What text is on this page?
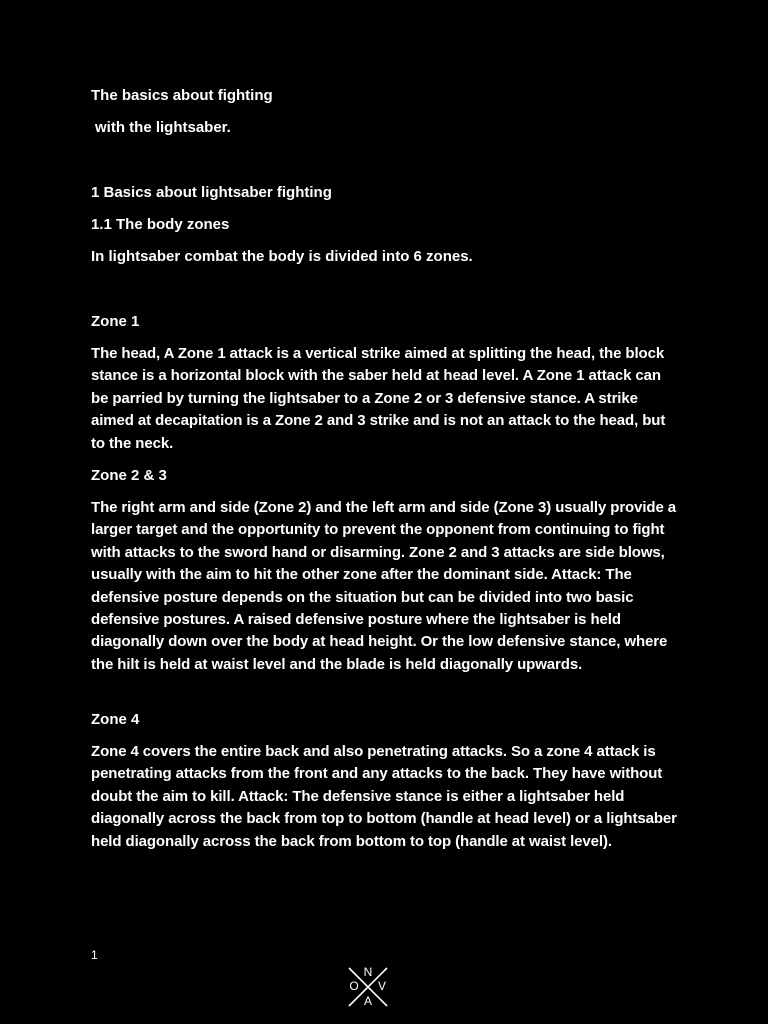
The basics about fighting

with the lightsaber.

1 Basics about lightsaber fighting

1.1 The body zones

In lightsaber combat the body is divided into 6 zones.

Zone 1

The head, A Zone 1 attack is a vertical strike aimed at splitting the head, the block stance is a horizontal block with the saber held at head level. A Zone 1 attack can be parried by turning the lightsaber to a Zone 2 or 3 defensive stance. A strike aimed at decapitation is a Zone 2 and 3 strike and is not an attack to the head, but to the neck.

Zone 2 & 3

The right arm and side (Zone 2) and the left arm and side (Zone 3) usually provide a larger target and the opportunity to prevent the opponent from continuing to fight with attacks to the sword hand or disarming. Zone 2 and 3 attacks are side blows, usually with the aim to hit the other zone after the dominant side. Attack: The defensive posture depends on the situation but can be divided into two basic defensive postures. A raised defensive posture where the lightsaber is held diagonally down over the body at head height. Or the low defensive stance, where the hilt is held at waist level and the blade is held diagonally upwards.

Zone 4

Zone 4 covers the entire back and also penetrating attacks. So a zone 4 attack is penetrating attacks from the front and any attacks to the back. They have without doubt the aim to kill. Attack: The defensive stance is either a lightsaber held diagonally across the back from top to bottom (handle at head level) or a lightsaber held diagonally across the back from bottom to top (handle at waist level).

1
N
O V
A
